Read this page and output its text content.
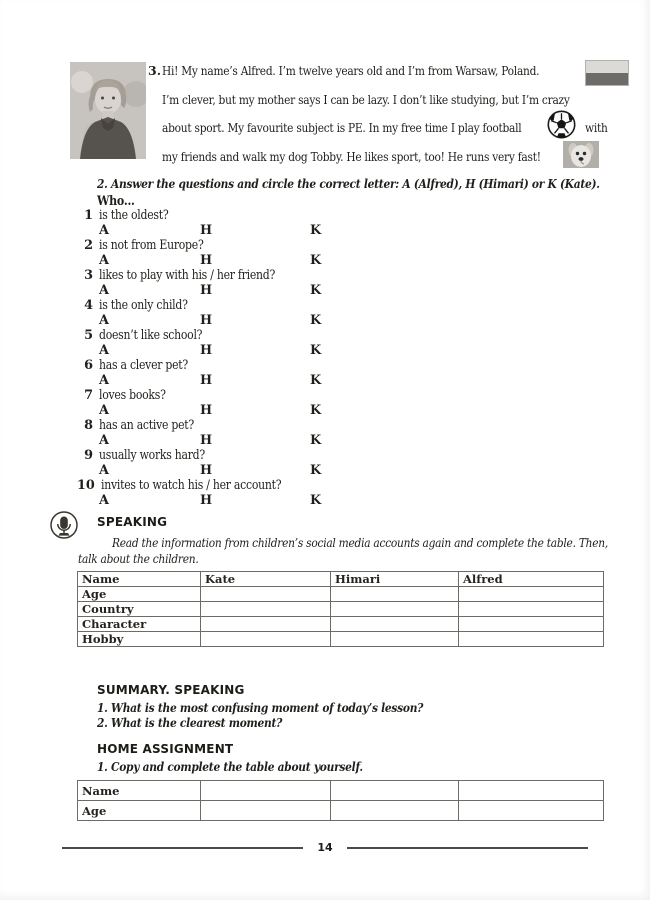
3.Hi! My name’s Alfred. I’m twelve years old and I’m from Warsaw, Poland.
I’m clever, but my mother says I can be lazy. I don’t like studying, but I’m crazy
about sport. My favourite subject is PE. In my free time I play football
my friends and walk my dog Tobby. He likes sport, too! He runs very fast!
with
2. Answer the questions and circle the correct letter: A (Alfred), H (Himari) or K (Kate).
Who...
1 is the oldest?
A	H	K
2 is not from Europe?
A	H	K
3 likes to play with his / her friend?
A	H	K
4 is the only child?
A	H	K
5 doesn’t like school?
A	H	K
6 has a clever pet?
A	H	K
7 loves books?
A	H	K
8 has an active pet?
A	H	K
9 usually works hard?
A	H	K
10 invites to watch his / her account?
A	H	K
SPEAKING
Read the information from children’s social media accounts again and complete the table. Then,
talk about the children.
Name	Kate	Himari	Alfred
Age			
Country			
Character			
Hobby			
SUMMARY. SPEAKING
1. What is the most confusing moment of today’s lesson?
2. What is the clearest moment?
HOME ASSIGNMENT
1. Copy and complete the table about yourself.
Name			
Age			
14
